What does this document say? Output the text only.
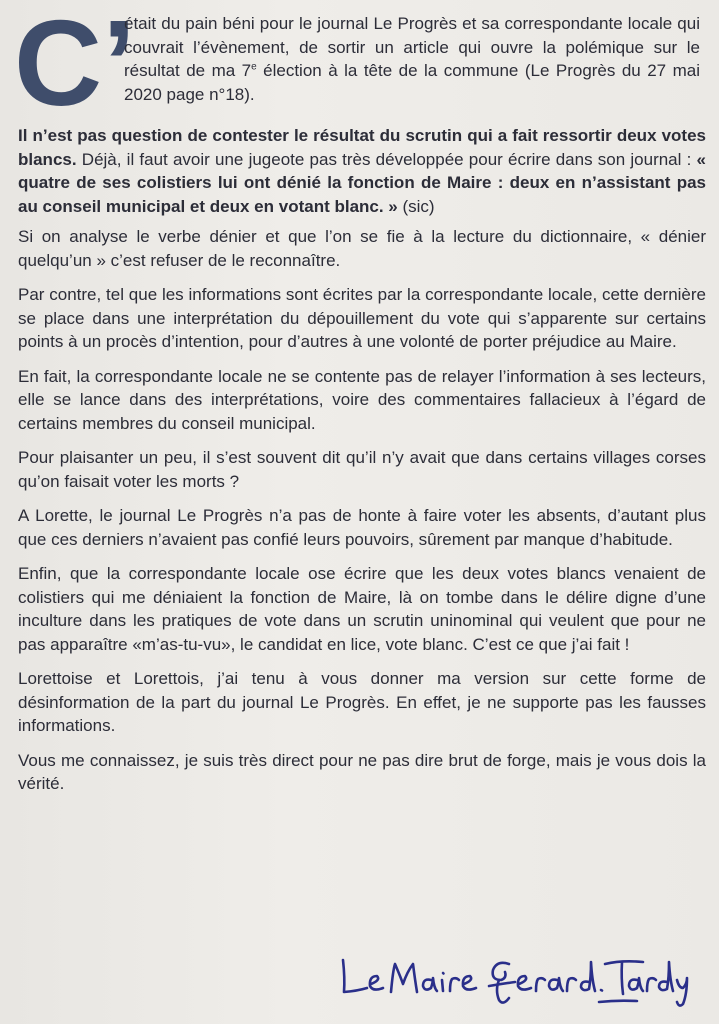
C’

était du pain béni pour le journal Le Progrès et sa correspondante locale qui couvrait l’évènement, de sortir un article qui ouvre la polémique sur le résultat de ma 7e élection à la tête de la commune (Le Progrès du 27 mai 2020 page n°18).

Il n’est pas question de contester le résultat du scrutin qui a fait ressortir deux votes blancs. Déjà, il faut avoir une jugeote pas très développée pour écrire dans son journal : « quatre de ses colistiers lui ont dénié la fonction de Maire : deux en n’assistant pas au conseil municipal et deux en votant blanc. » (sic)

Si on analyse le verbe dénier et que l’on se fie à la lecture du dictionnaire, « dénier quelqu’un » c’est refuser de le reconnaître.

Par contre, tel que les informations sont écrites par la correspondante locale, cette dernière se place dans une interprétation du dépouillement du vote qui s’apparente sur certains points à un procès d’intention, pour d’autres à une volonté de porter préjudice au Maire.

En fait, la correspondante locale ne se contente pas de relayer l’information à ses lecteurs, elle se lance dans des interprétations, voire des commentaires fallacieux à l’égard de certains membres du conseil municipal.

Pour plaisanter un peu, il s’est souvent dit qu’il n’y avait que dans certains villages corses qu’on faisait voter les morts ?

A Lorette, le journal Le Progrès n’a pas de honte à faire voter les absents, d’autant plus que ces derniers n’avaient pas confié leurs pouvoirs, sûrement par manque d’habitude.

Enfin, que la correspondante locale ose écrire que les deux votes blancs venaient de colistiers qui me déniaient la fonction de Maire, là on tombe dans le délire digne d’une inculture dans les pratiques de vote dans un scrutin uninominal qui veulent que pour ne pas apparaître «m’as-tu-vu», le candidat en lice, vote blanc. C’est ce que j’ai fait !

Lorettoise et Lorettois, j’ai tenu à vous donner ma version sur cette forme de désinformation de la part du journal Le Progrès. En effet, je ne supporte pas les fausses informations.

Vous me connaissez, je suis très direct pour ne pas dire brut de forge, mais je vous dois la vérité.
